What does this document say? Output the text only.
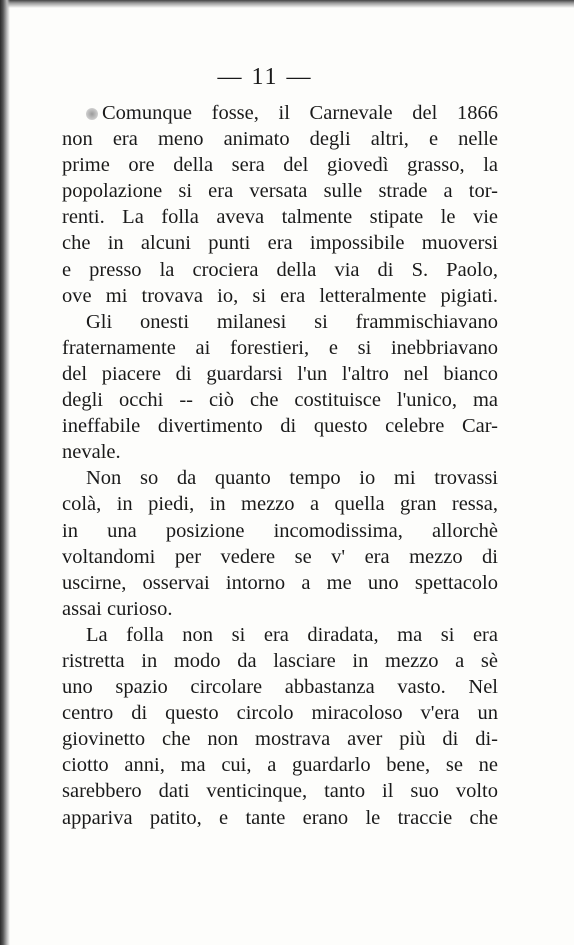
— 11 —
Comunque fosse, il Carnevale del 1866
non era meno animato degli altri, e nelle
prime ore della sera del giovedì grasso, la
popolazione si era versata sulle strade a tor-
renti. La folla aveva talmente stipate le vie
che in alcuni punti era impossibile muoversi
e presso la crociera della via di S. Paolo,
ove mi trovava io, si era letteralmente pigiati.
Gli onesti milanesi si frammischiavano
fraternamente ai forestieri, e si inebbriavano
del piacere di guardarsi l'un l'altro nel bianco
degli occhi -- ciò che costituisce l'unico, ma
ineffabile divertimento di questo celebre Car-
nevale.
Non so da quanto tempo io mi trovassi
colà, in piedi, in mezzo a quella gran ressa,
in una posizione incomodissima, allorchè
voltandomi per vedere se v' era mezzo di
uscirne, osservai intorno a me uno spettacolo
assai curioso.
La folla non si era diradata, ma si era
ristretta in modo da lasciare in mezzo a sè
uno spazio circolare abbastanza vasto. Nel
centro di questo circolo miracoloso v'era un
giovinetto che non mostrava aver più di di-
ciotto anni, ma cui, a guardarlo bene, se ne
sarebbero dati venticinque, tanto il suo volto
appariva patito, e tante erano le traccie che
